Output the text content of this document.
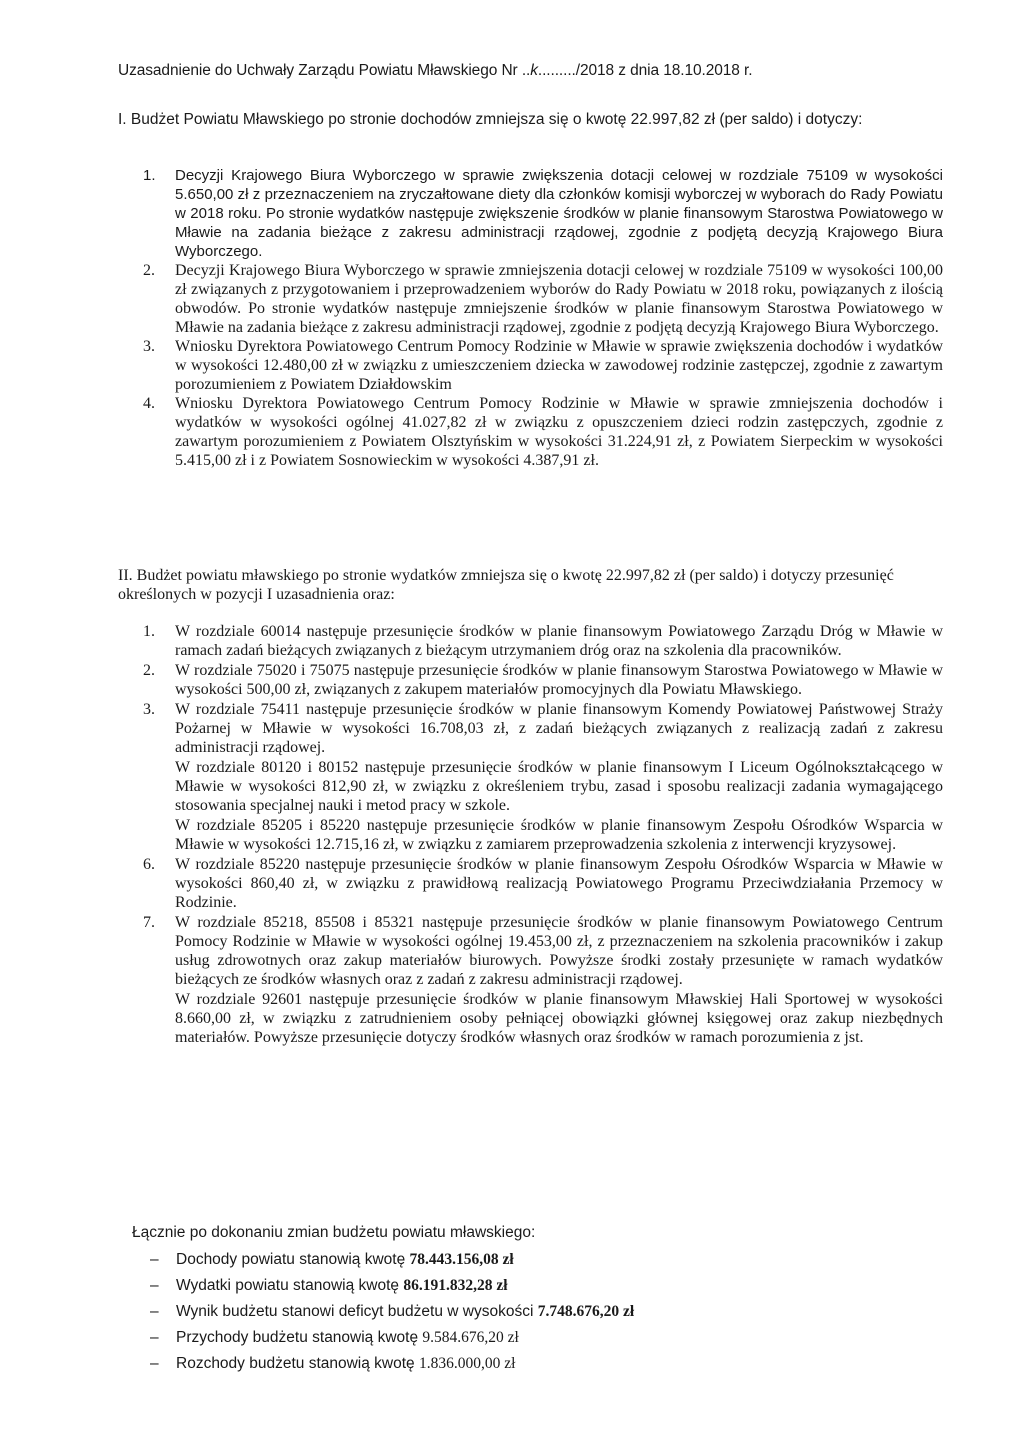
Uzasadnienie do Uchwały Zarządu Powiatu Mławskiego Nr ..k........./2018 z dnia 18.10.2018 r.
I. Budżet Powiatu Mławskiego po stronie dochodów zmniejsza się o kwotę 22.997,82 zł (per saldo) i dotyczy:
1. Decyzji Krajowego Biura Wyborczego w sprawie zwiększenia dotacji celowej w rozdziale 75109 w wysokości 5.650,00 zł z przeznaczeniem na zryczałtowane diety dla członków komisji wyborczej w wyborach do Rady Powiatu w 2018 roku. Po stronie wydatków następuje zwiększenie środków w planie finansowym Starostwa Powiatowego w Mławie na zadania bieżące z zakresu administracji rządowej, zgodnie z podjętą decyzją Krajowego Biura Wyborczego.
2. Decyzji Krajowego Biura Wyborczego w sprawie zmniejszenia dotacji celowej w rozdziale 75109 w wysokości 100,00 zł związanych z przygotowaniem i przeprowadzeniem wyborów do Rady Powiatu w 2018 roku, powiązanych z ilością obwodów. Po stronie wydatków następuje zmniejszenie środków w planie finansowym Starostwa Powiatowego w Mławie na zadania bieżące z zakresu administracji rządowej, zgodnie z podjętą decyzją Krajowego Biura Wyborczego.
3. Wniosku Dyrektora Powiatowego Centrum Pomocy Rodzinie w Mławie w sprawie zwiększenia dochodów i wydatków w wysokości 12.480,00 zł w związku z umieszczeniem dziecka w zawodowej rodzinie zastępczej, zgodnie z zawartym porozumieniem z Powiatem Działdowskim
4. Wniosku Dyrektora Powiatowego Centrum Pomocy Rodzinie w Mławie w sprawie zmniejszenia dochodów i wydatków w wysokości ogólnej 41.027,82 zł w związku z opuszczeniem dzieci rodzin zastępczych, zgodnie z zawartym porozumieniem z Powiatem Olsztyńskim w wysokości 31.224,91 zł, z Powiatem Sierpeckim w wysokości 5.415,00 zł i z Powiatem Sosnowieckim w wysokości 4.387,91 zł.
II. Budżet powiatu mławskiego po stronie wydatków zmniejsza się o kwotę 22.997,82 zł (per saldo) i dotyczy przesunięć określonych w pozycji I uzasadnienia oraz:
1. W rozdziale 60014 następuje przesunięcie środków w planie finansowym Powiatowego Zarządu Dróg w Mławie w ramach zadań bieżących związanych z bieżącym utrzymaniem dróg oraz na szkolenia dla pracowników.
2. W rozdziale 75020 i 75075 następuje przesunięcie środków w planie finansowym Starostwa Powiatowego w Mławie w wysokości 500,00 zł, związanych z zakupem materiałów promocyjnych dla Powiatu Mławskiego.
3. W rozdziale 75411 następuje przesunięcie środków w planie finansowym Komendy Powiatowej Państwowej Straży Pożarnej w Mławie w wysokości 16.708,03 zł, z zadań bieżących związanych z realizacją zadań z zakresu administracji rządowej.
W rozdziale 80120 i 80152 następuje przesunięcie środków w planie finansowym I Liceum Ogólnokształcącego w Mławie w wysokości 812,90 zł, w związku z określeniem trybu, zasad i sposobu realizacji zadania wymagającego stosowania specjalnej nauki i metod pracy w szkole.
W rozdziale 85205 i 85220 następuje przesunięcie środków w planie finansowym Zespołu Ośrodków Wsparcia w Mławie w wysokości 12.715,16 zł, w związku z zamiarem przeprowadzenia szkolenia z interwencji kryzysowej.
6. W rozdziale 85220 następuje przesunięcie środków w planie finansowym Zespołu Ośrodków Wsparcia w Mławie w wysokości 860,40 zł, w związku z prawidłową realizacją Powiatowego Programu Przeciwdziałania Przemocy w Rodzinie.
7. W rozdziale 85218, 85508 i 85321 następuje przesunięcie środków w planie finansowym Powiatowego Centrum Pomocy Rodzinie w Mławie w wysokości ogólnej 19.453,00 zł, z przeznaczeniem na szkolenia pracowników i zakup usług zdrowotnych oraz zakup materiałów biurowych. Powyższe środki zostały przesunięte w ramach wydatków bieżących ze środków własnych oraz z zadań z zakresu administracji rządowej.
W rozdziale 92601 następuje przesunięcie środków w planie finansowym Mławskiej Hali Sportowej w wysokości 8.660,00 zł, w związku z zatrudnieniem osoby pełniącej obowiązki głównej księgowej oraz zakup niezbędnych materiałów. Powyższe przesunięcie dotyczy środków własnych oraz środków w ramach porozumienia z jst.
Łącznie po dokonaniu zmian budżetu powiatu mławskiego:
– Dochody powiatu stanowią kwotę 78.443.156,08 zł
– Wydatki powiatu stanowią kwotę 86.191.832,28 zł
– Wynik budżetu stanowi deficyt budżetu w wysokości 7.748.676,20 zł
– Przychody budżetu stanowią kwotę 9.584.676,20 zł
– Rozchody budżetu stanowią kwotę 1.836.000,00 zł
